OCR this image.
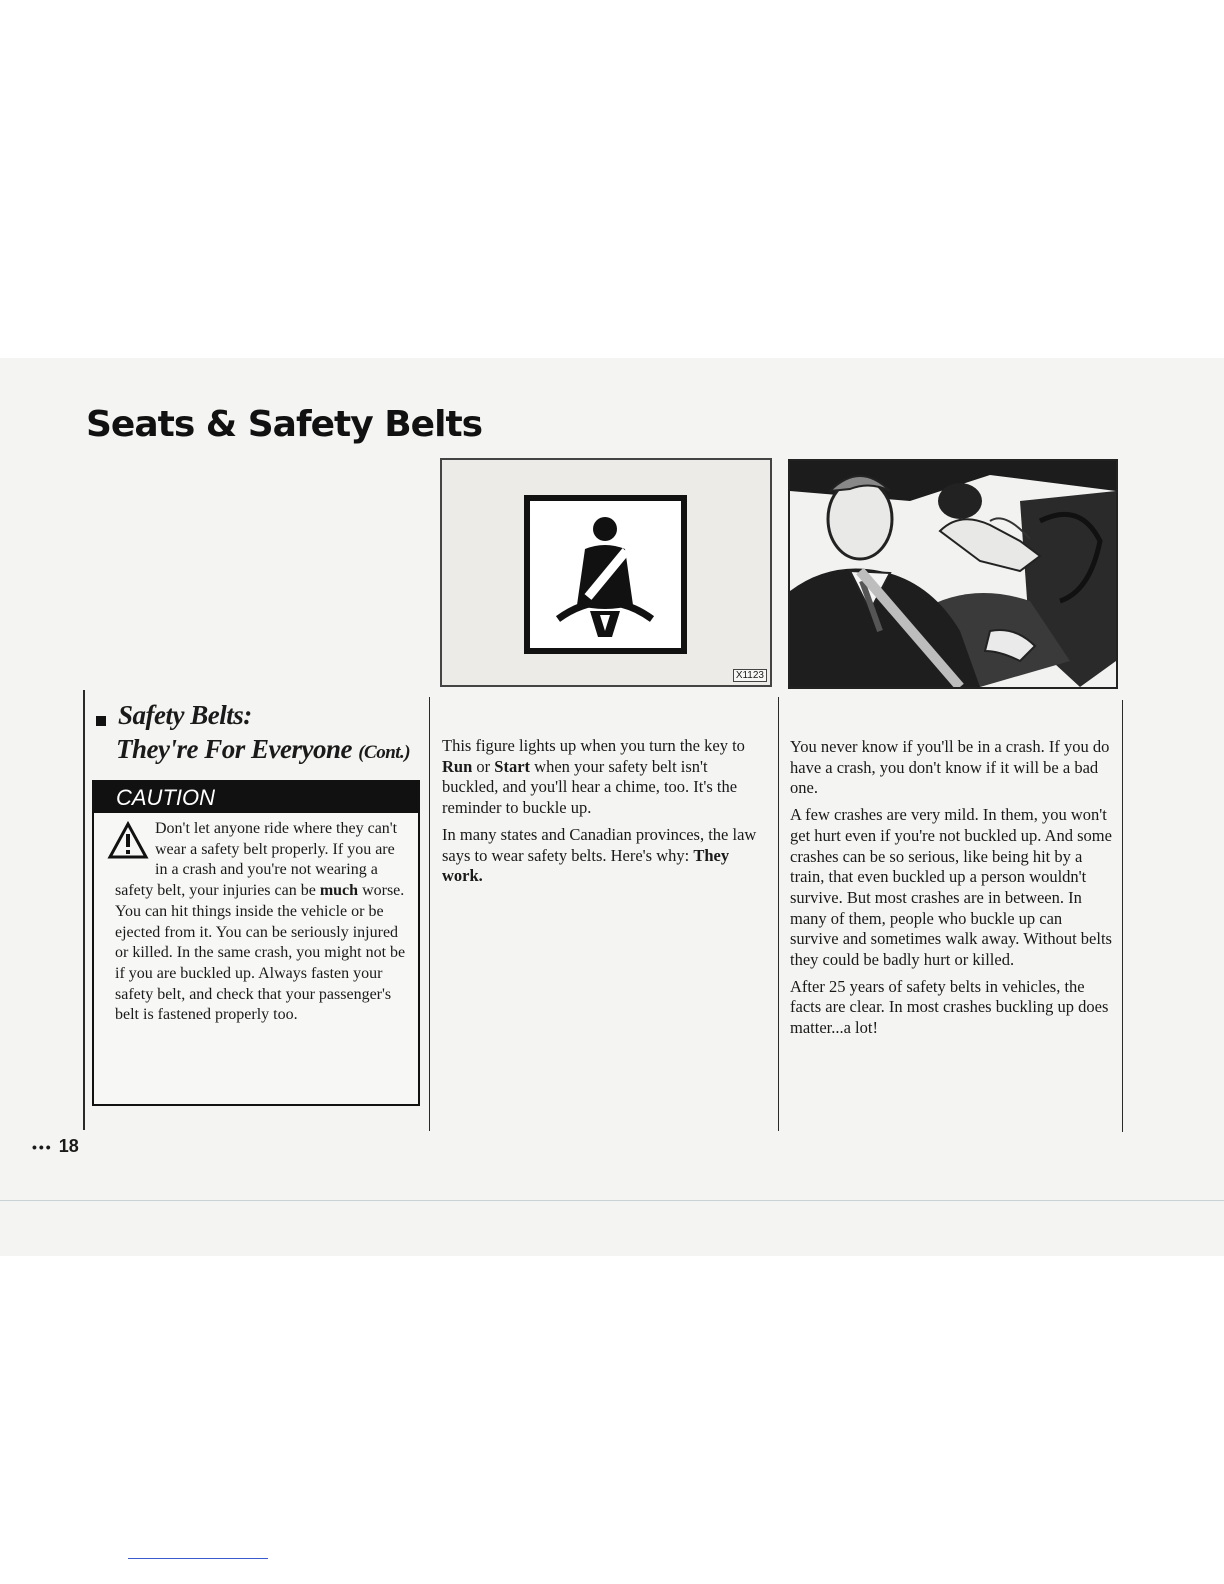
Seats & Safety Belts
X1123
Safety Belts:
They're For Everyone (Cont.)
CAUTION
Don't let anyone ride where they can't wear a safety belt properly. If you are in a crash and you're not wearing a safety belt, your injuries can be much worse. You can hit things inside the vehicle or be ejected from it. You can be seriously injured or killed. In the same crash, you might not be if you are buckled up. Always fasten your safety belt, and check that your passenger's belt is fastened properly too.

This figure lights up when you turn the key to Run or Start when your safety belt isn't buckled, and you'll hear a chime, too. It's the reminder to buckle up.

In many states and Canadian provinces, the law says to wear safety belts. Here's why: They work.

You never know if you'll be in a crash. If you do have a crash, you don't know if it will be a bad one.

A few crashes are very mild. In them, you won't get hurt even if you're not buckled up. And some crashes can be so serious, like being hit by a train, that even buckled up a person wouldn't survive. But most crashes are in between. In many of them, people who buckle up can survive and sometimes walk away. Without belts they could be badly hurt or killed.

After 25 years of safety belts in vehicles, the facts are clear. In most crashes buckling up does matter...a lot!

••• 18
